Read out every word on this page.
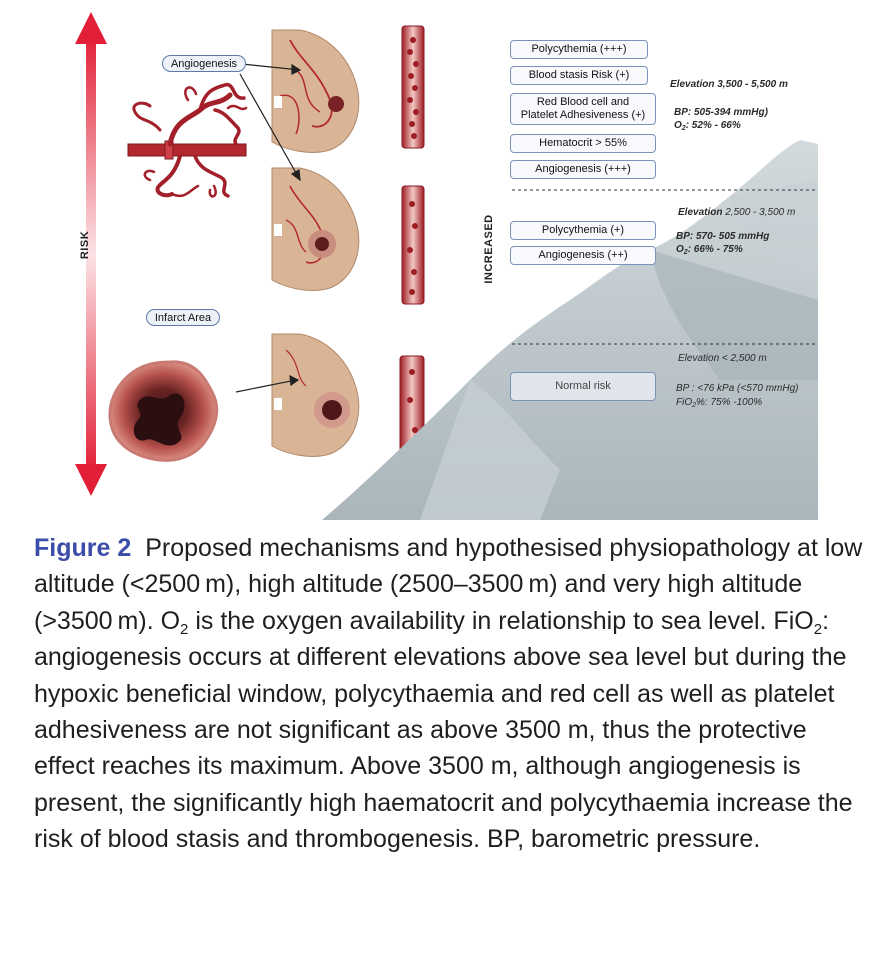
Angiogenesis
Infarct Area
RISK	INCREASED
Polycythemia (+++)
Blood stasis Risk (+)
Red Blood cell and Platelet Adhesiveness (+)
Hematocrit > 55%
Angiogenesis (+++)
Polycythemia (+)
Angiogenesis (++)
Normal risk
Elevation 3,500 - 5,500 m
BP: 505-394 mmHg)
$O_2$: 52% - 66%
Elevation 2,500 - 3,500 m
BP: 570- 505 mmHg
$O_2$: 66% - 75%
Elevation < 2,500 m
BP : <76 kPa (<570 mmHg)
FiO$_2$%: 75% -100%
Figure 2 Proposed mechanisms and hypothesised physiopathology at low altitude (<2500 m), high altitude (2500–3500 m) and very high altitude (>3500 m). $O_2$ is the oxygen availability in relationship to sea level. FiO$_2$: angiogenesis occurs at different elevations above sea level but during the hypoxic beneficial window, polycythaemia and red cell as well as platelet adhesiveness are not significant as above 3500 m, thus the protective effect reaches its maximum. Above 3500 m, although angiogenesis is present, the significantly high haematocrit and polycythaemia increase the risk of blood stasis and thrombogenesis. BP, barometric pressure.
